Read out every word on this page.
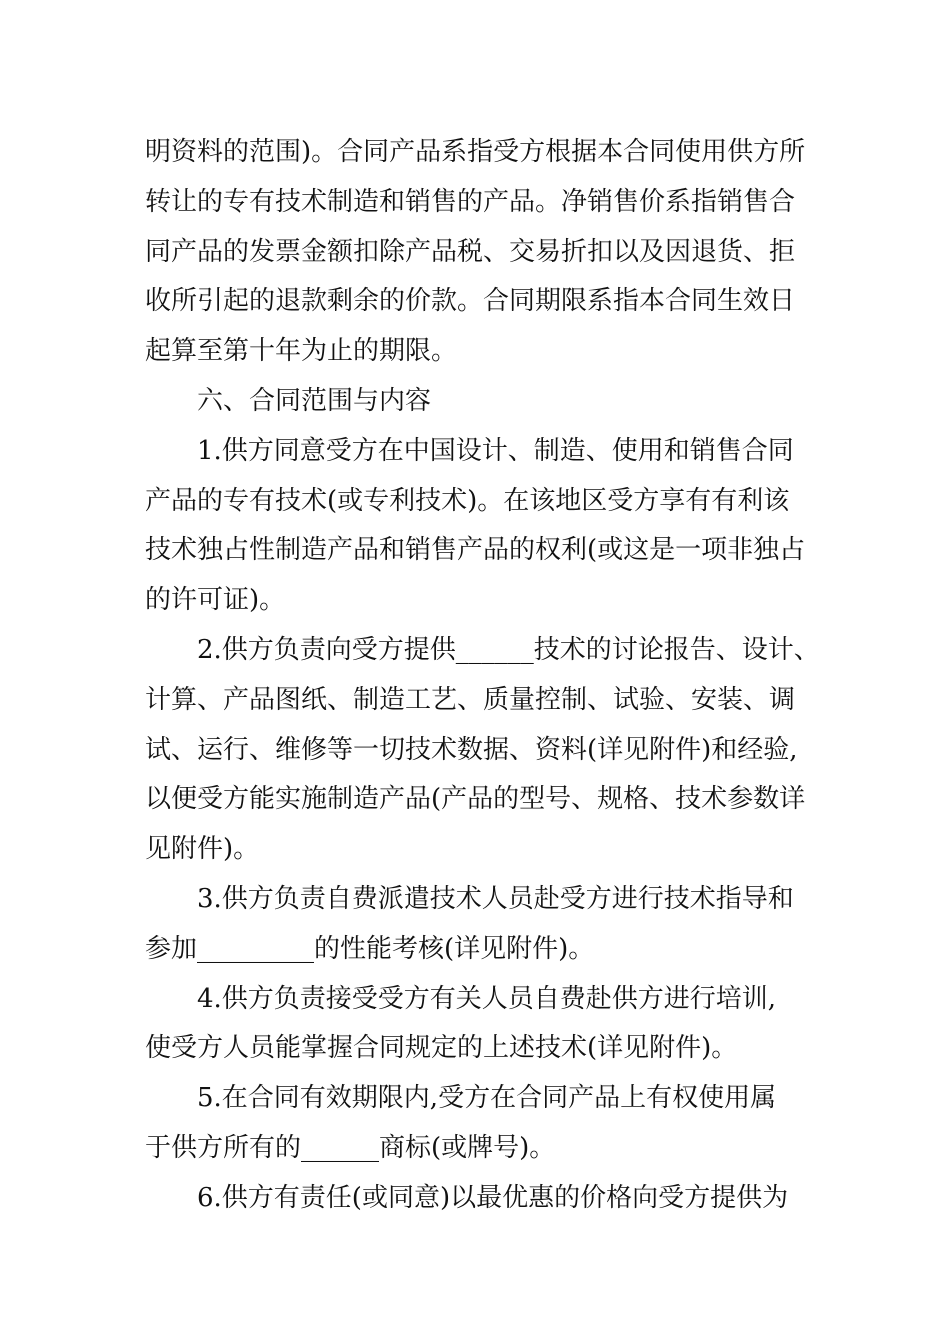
明资料的范围)。合同产品系指受方根据本合同使用供方所
转让的专有技术制造和销售的产品。净销售价系指销售合
同产品的发票金额扣除产品税、交易折扣以及因退货、拒
收所引起的退款剩余的价款。合同期限系指本合同生效日
起算至第十年为止的期限。
六、合同范围与内容
1.供方同意受方在中国设计、制造、使用和销售合同
产品的专有技术(或专利技术)。在该地区受方享有有利该
技术独占性制造产品和销售产品的权利(或这是一项非独占
的许可证)。
2.供方负责向受方提供______技术的讨论报告、设计、
计算、产品图纸、制造工艺、质量控制、试验、安装、调
试、运行、维修等一切技术数据、资料(详见附件)和经验,
以便受方能实施制造产品(产品的型号、规格、技术参数详
见附件)。
3.供方负责自费派遣技术人员赴受方进行技术指导和
参加_________的性能考核(详见附件)。
4.供方负责接受受方有关人员自费赴供方进行培训,
使受方人员能掌握合同规定的上述技术(详见附件)。
5.在合同有效期限内,受方在合同产品上有权使用属
于供方所有的______商标(或牌号)。
6.供方有责任(或同意)以最优惠的价格向受方提供为
